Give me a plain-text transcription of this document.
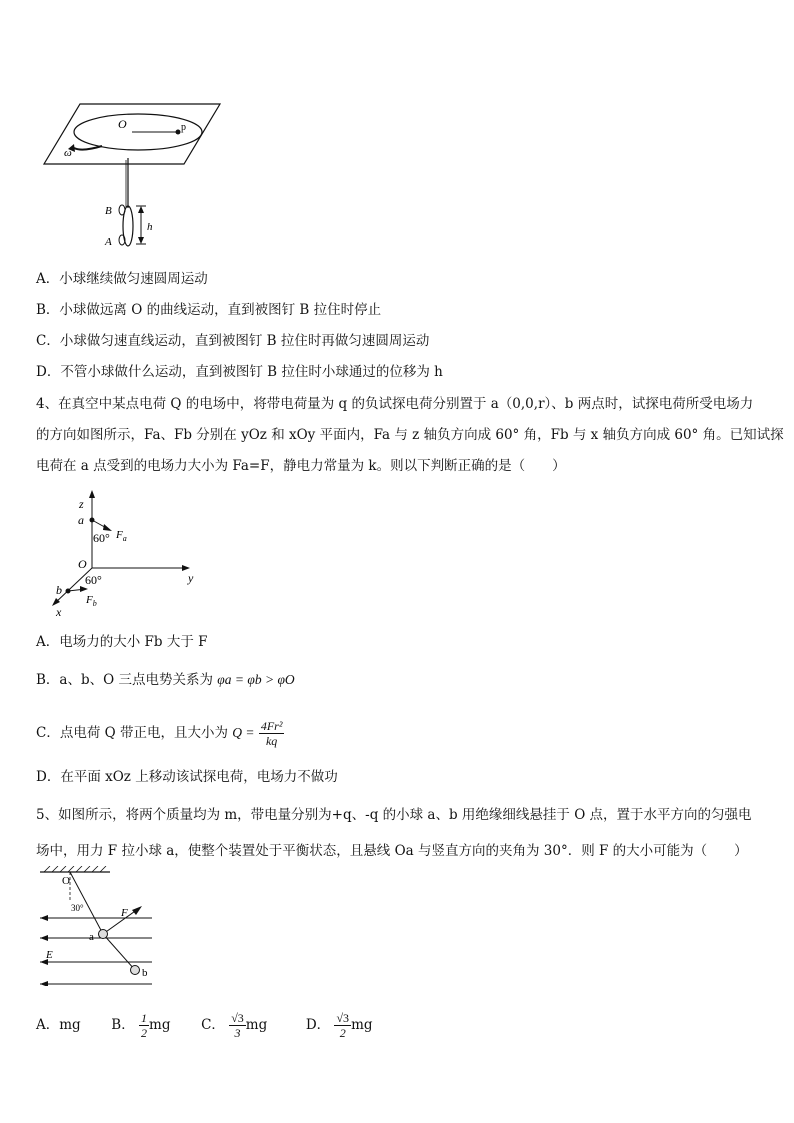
O	p
ω
B
A
h
A．小球继续做匀速圆周运动
B．小球做远离 O 的曲线运动，直到被图钉 B 拉住时停止
C．小球做匀速直线运动，直到被图钉 B 拉住时再做匀速圆周运动
D．不管小球做什么运动，直到被图钉 B 拉住时小球通过的位移为 h
4、在真空中某点电荷 Q 的电场中，将带电荷量为 q 的负试探电荷分别置于 a（0,0,r）、b 两点时，试探电荷所受电场力
的方向如图所示，Fa、Fb 分别在 yOz 和 xOy 平面内，Fa 与 z 轴负方向成 60° 角，Fb 与 x 轴负方向成 60° 角。已知试探
电荷在 a 点受到的电场力大小为 Fa=F，静电力常量为 k。则以下判断正确的是（　　）
z
a
60° $F_a$
O
y
b
60°
$F_b$
x
A．电场力的大小 Fb 大于 F
B．a、b、O 三点电势关系为 φa = φb > φO
C．点电荷 Q 带正电，且大小为 $Q = \frac{\text{4Fr²}}{kq}$
D．在平面 xOz 上移动该试探电荷，电场力不做功
5、如图所示，将两个质量均为 m，带电量分别为+q、-q 的小球 a、b 用绝缘细线悬挂于 O 点，置于水平方向的匀强电
场中，用力 F 拉小球 a，使整个装置处于平衡状态，且悬线 Oa 与竖直方向的夹角为 30°．则 F 的大小可能为（　　）
O
30°	F
E
a
b
A．mg B． $\frac{1}{2}$ mg C． $\frac{√3}{3}$ mg	D． $\frac{√3}{2}$ mg
